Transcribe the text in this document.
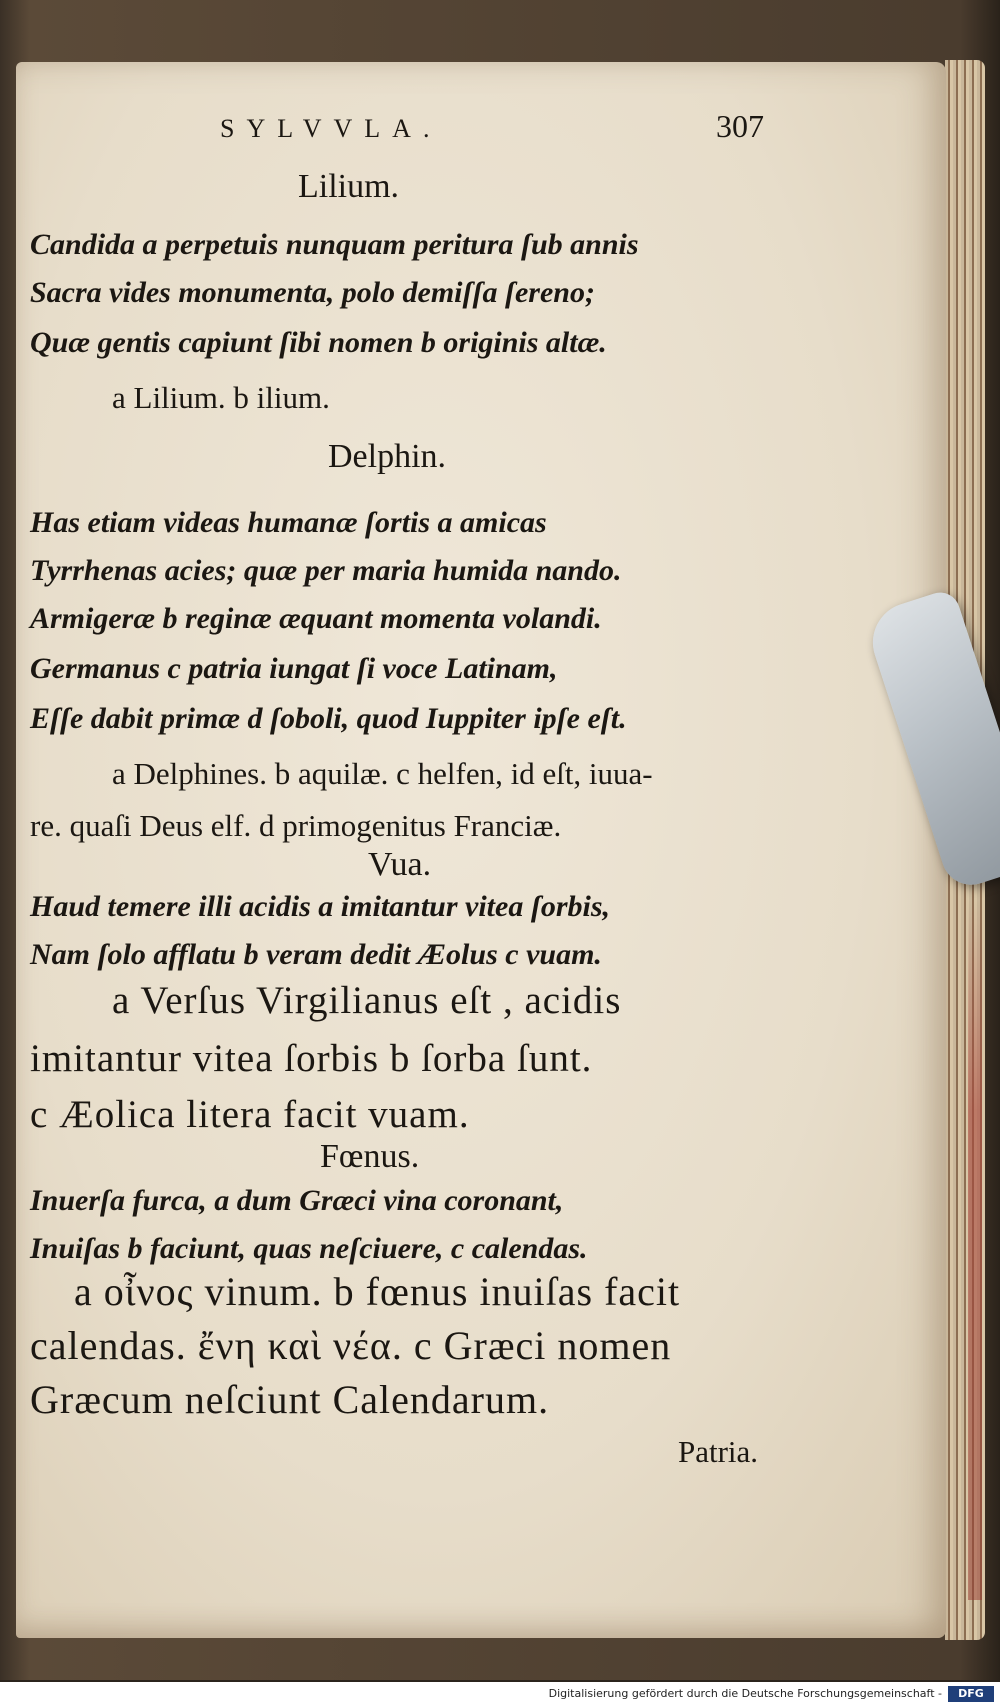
SYLVVLA.	307
Lilium.
Candida a perpetuis nunquam peritura ſub annis
Sacra vides monumenta, polo demiſſa ſereno;
Quæ gentis capiunt ſibi nomen b originis altæ.
a Lilium. b ilium.
Delphin.
Has etiam videas humanæ ſortis a amicas
Tyrrhenas acies; quæ per maria humida nando.
Armigeræ b reginæ æquant momenta volandi.
Germanus c patria iungat ſi voce Latinam,
Eſſe dabit primæ d ſoboli, quod Iuppiter ipſe eſt.
a Delphines. b aquilæ. c helfen, id eſt, iuua-
re. quaſi Deus elf. d primogenitus Franciæ.
Vua.
Haud temere illi acidis a imitantur vitea ſorbis,
Nam ſolo afflatu b veram dedit Æolus c vuam.
a Verſus Virgilianus eſt , acidis
imitantur vitea ſorbis b ſorba ſunt.
c Æolica litera facit vuam.
Fœnus.
Inuerſa furca, a dum Græci vina coronant,
Inuiſas b faciunt, quas neſciuere, c calendas.
a οἶνος vinum. b fœnus inuiſas facit
calendas. ἔνη καὶ νέα. c Græci nomen
Græcum neſciunt Calendarum.
Patria.
Digitalisierung gefördert durch die Deutsche Forschungsgemeinschaft -	DFG
